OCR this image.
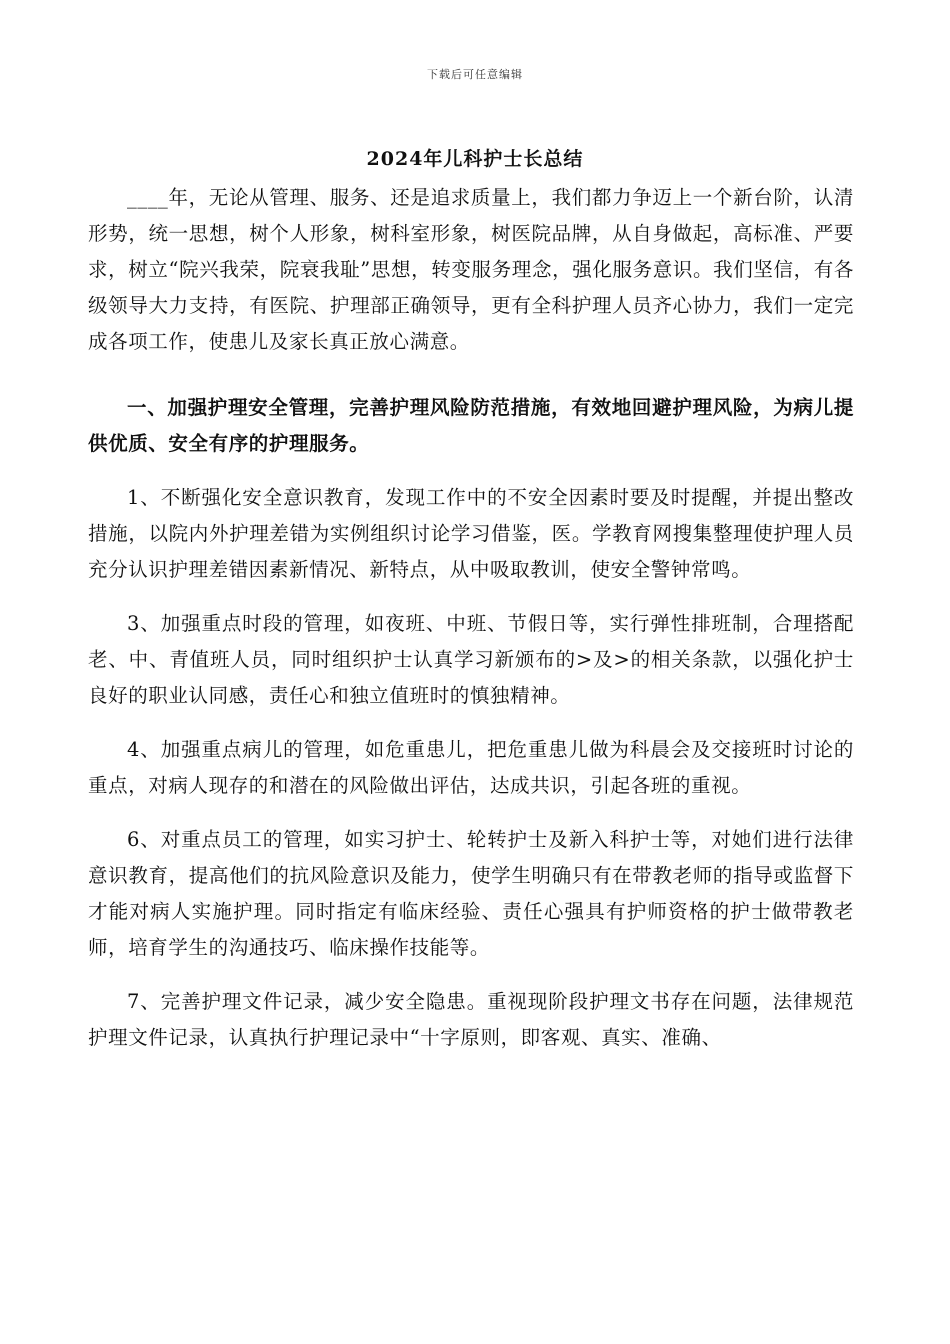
下载后可任意编辑
2024年儿科护士长总结

____年，无论从管理、服务、还是追求质量上，我们都力争迈上一个新台阶，认清形势，统一思想，树个人形象，树科室形象，树医院品牌，从自身做起，高标准、严要求，树立“院兴我荣，院衰我耻”思想，转变服务理念，强化服务意识。我们坚信，有各级领导大力支持，有医院、护理部正确领导，更有全科护理人员齐心协力，我们一定完成各项工作，使患儿及家长真正放心满意。

一、加强护理安全管理，完善护理风险防范措施，有效地回避护理风险，为病儿提供优质、安全有序的护理服务。

1、不断强化安全意识教育，发现工作中的不安全因素时要及时提醒，并提出整改措施，以院内外护理差错为实例组织讨论学习借鉴，医。学教育网搜集整理使护理人员充分认识护理差错因素新情况、新特点，从中吸取教训，使安全警钟常鸣。

3、加强重点时段的管理，如夜班、中班、节假日等，实行弹性排班制，合理搭配老、中、青值班人员，同时组织护士认真学习新颁布的>及>的相关条款，以强化护士良好的职业认同感，责任心和独立值班时的慎独精神。

4、加强重点病儿的管理，如危重患儿，把危重患儿做为科晨会及交接班时讨论的重点，对病人现存的和潜在的风险做出评估，达成共识，引起各班的重视。

6、对重点员工的管理，如实习护士、轮转护士及新入科护士等，对她们进行法律意识教育，提高他们的抗风险意识及能力，使学生明确只有在带教老师的指导或监督下才能对病人实施护理。同时指定有临床经验、责任心强具有护师资格的护士做带教老师，培育学生的沟通技巧、临床操作技能等。

7、完善护理文件记录，减少安全隐患。重视现阶段护理文书存在问题，法律规范护理文件记录，认真执行护理记录中“十字原则，即客观、真实、准确、
